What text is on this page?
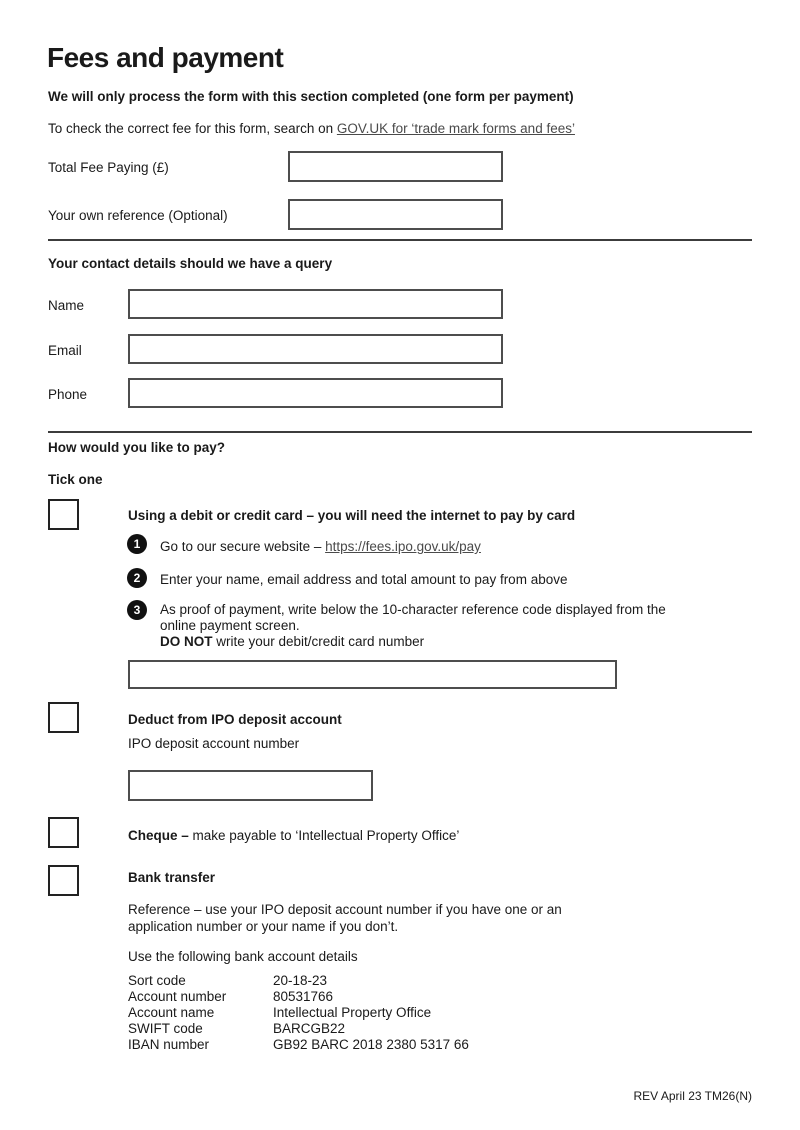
Fees and payment
We will only process the form with this section completed (one form per payment)
To check the correct fee for this form, search on GOV.UK for ‘trade mark forms and fees’
Total Fee Paying (£)
Your own reference (Optional)
Your contact details should we have a query
Name
Email
Phone
How would you like to pay?
Tick one
Using a debit or credit card – you will need the internet to pay by card
1	Go to our secure website – https://fees.ipo.gov.uk/pay
2	Enter your name, email address and total amount to pay from above
3	As proof of payment, write below the 10-character reference code displayed from the
online payment screen.
DO NOT write your debit/credit card number
Deduct from IPO deposit account
IPO deposit account number
Cheque – make payable to ‘Intellectual Property Office’
Bank transfer
Reference – use your IPO deposit account number if you have one or an
application number or your name if you don’t.
Use the following bank account details
Sort code	20-18-23
Account number	80531766
Account name	Intellectual Property Office
SWIFT code	BARCGB22
IBAN number	GB92 BARC 2018 2380 5317 66
REV April 23 TM26(N)
